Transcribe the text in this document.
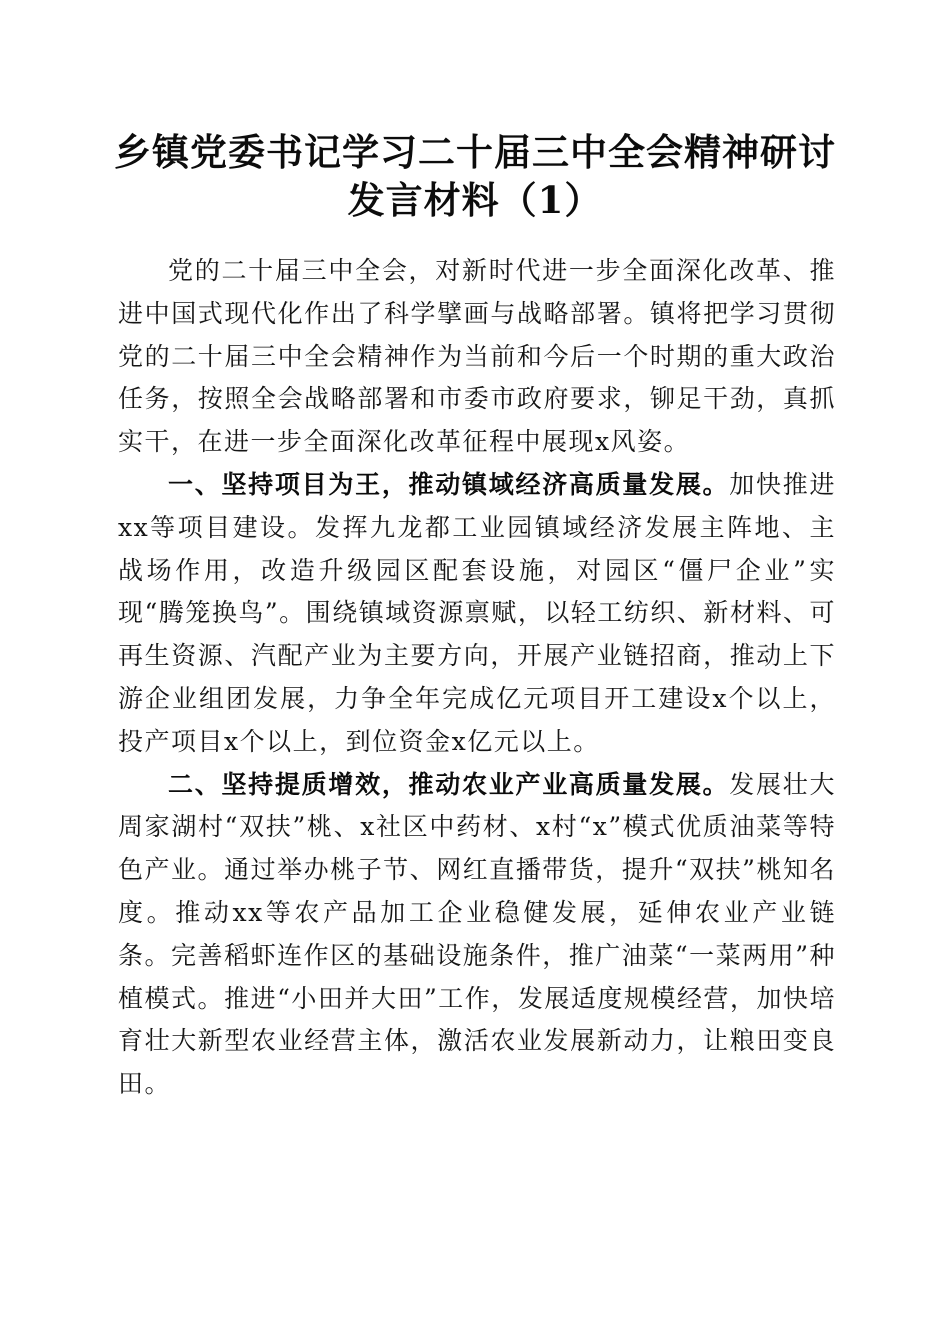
乡镇党委书记学习二十届三中全会精神研讨发言材料（1）

党的二十届三中全会，对新时代进一步全面深化改革、推进中国式现代化作出了科学擘画与战略部署。镇将把学习贯彻党的二十届三中全会精神作为当前和今后一个时期的重大政治任务，按照全会战略部署和市委市政府要求，铆足干劲，真抓实干，在进一步全面深化改革征程中展现x风姿。

一、坚持项目为王，推动镇域经济高质量发展。加快推进xx等项目建设。发挥九龙都工业园镇域经济发展主阵地、主战场作用，改造升级园区配套设施，对园区“僵尸企业”实现“腾笼换鸟”。围绕镇域资源禀赋，以轻工纺织、新材料、可再生资源、汽配产业为主要方向，开展产业链招商，推动上下游企业组团发展，力争全年完成亿元项目开工建设x个以上，投产项目x个以上，到位资金x亿元以上。

二、坚持提质增效，推动农业产业高质量发展。发展壮大周家湖村“双扶”桃、x社区中药材、x村“x”模式优质油菜等特色产业。通过举办桃子节、网红直播带货，提升“双扶”桃知名度。推动xx等农产品加工企业稳健发展，延伸农业产业链条。完善稻虾连作区的基础设施条件，推广油菜“一菜两用”种植模式。推进“小田并大田”工作，发展适度规模经营，加快培育壮大新型农业经营主体，激活农业发展新动力，让粮田变良田。
